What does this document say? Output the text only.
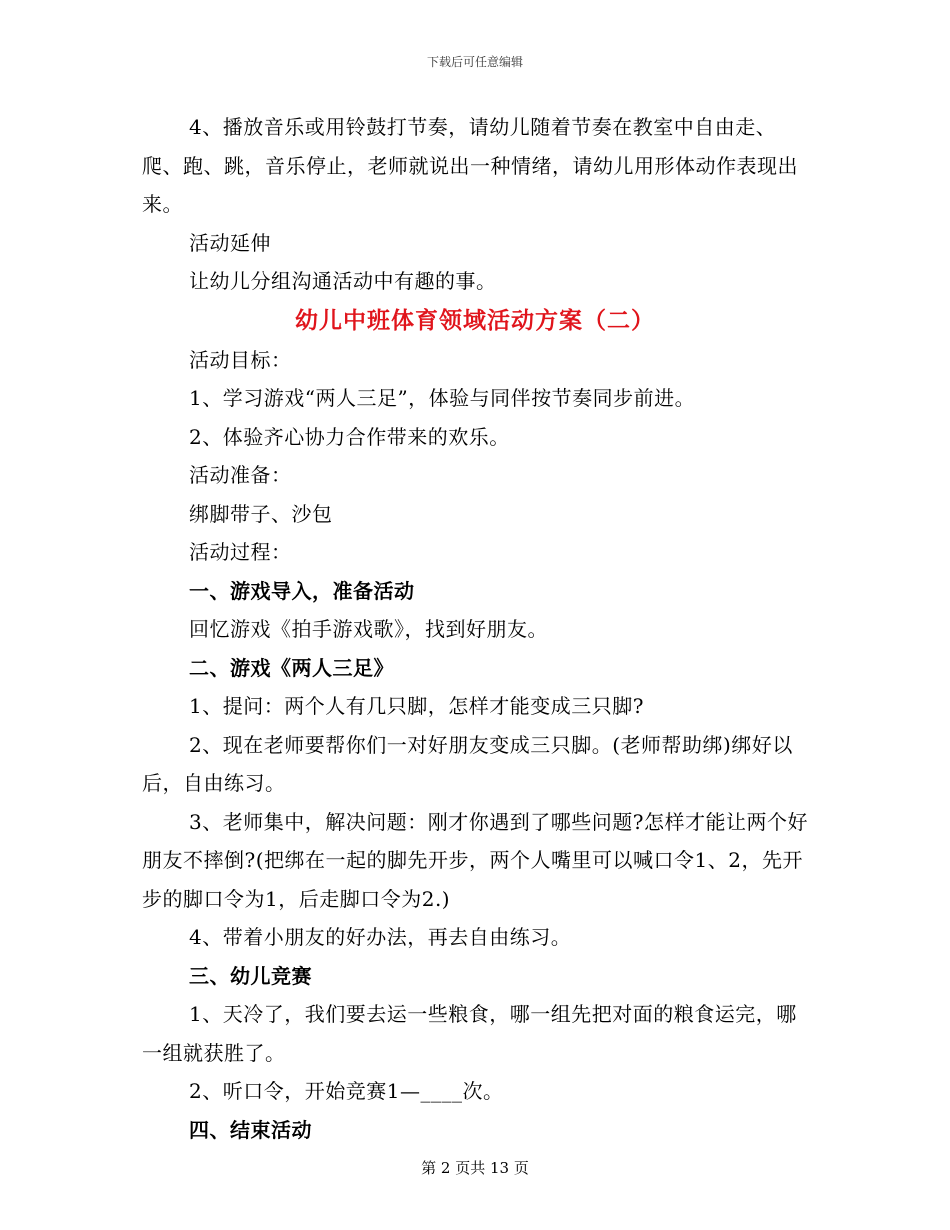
下载后可任意编辑

4、播放音乐或用铃鼓打节奏，请幼儿随着节奏在教室中自由走、爬、跑、跳，音乐停止，老师就说出一种情绪，请幼儿用形体动作表现出来。

活动延伸

让幼儿分组沟通活动中有趣的事。

幼儿中班体育领域活动方案（二）

活动目标：

1、学习游戏“两人三足”，体验与同伴按节奏同步前进。

2、体验齐心协力合作带来的欢乐。

活动准备：

绑脚带子、沙包

活动过程：

一、游戏导入，准备活动

回忆游戏《拍手游戏歌》，找到好朋友。

二、游戏《两人三足》

1、提问：两个人有几只脚，怎样才能变成三只脚?

2、现在老师要帮你们一对好朋友变成三只脚。(老师帮助绑)绑好以后，自由练习。

3、老师集中，解决问题：刚才你遇到了哪些问题?怎样才能让两个好朋友不摔倒?(把绑在一起的脚先开步，两个人嘴里可以喊口令1、2，先开步的脚口令为1，后走脚口令为2.)

4、带着小朋友的好办法，再去自由练习。

三、幼儿竞赛

1、天冷了，我们要去运一些粮食，哪一组先把对面的粮食运完，哪一组就获胜了。

2、听口令，开始竞赛1—____次。

四、结束活动

第 2 页共 13 页
